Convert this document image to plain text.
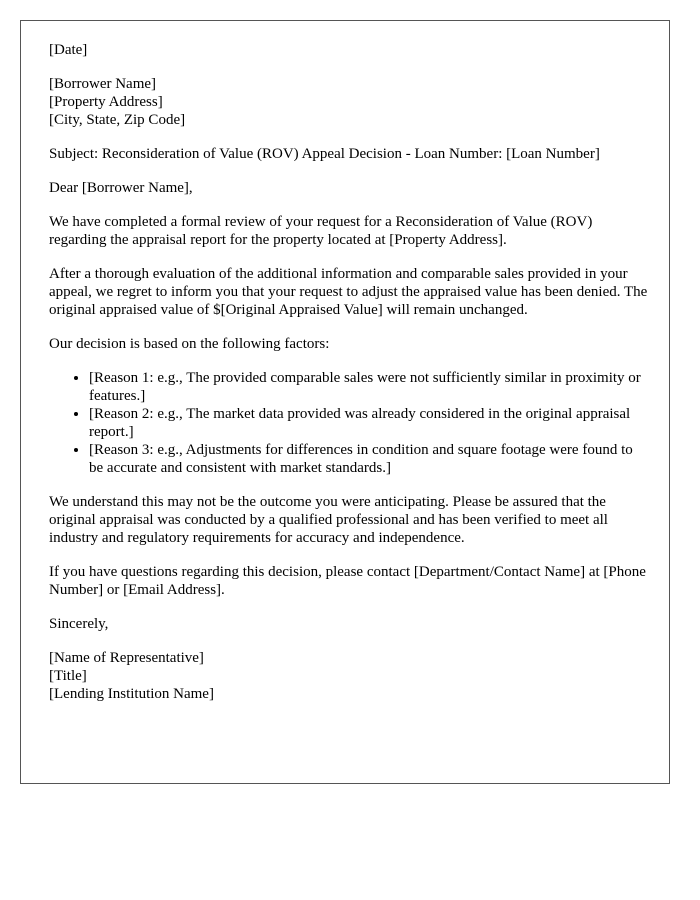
[Date]

[Borrower Name]
[Property Address]
[City, State, Zip Code]

Subject: Reconsideration of Value (ROV) Appeal Decision - Loan Number: [Loan Number]

Dear [Borrower Name],

We have completed a formal review of your request for a Reconsideration of Value (ROV) regarding the appraisal report for the property located at [Property Address].

After a thorough evaluation of the additional information and comparable sales provided in your appeal, we regret to inform you that your request to adjust the appraised value has been denied. The original appraised value of $[Original Appraised Value] will remain unchanged.

Our decision is based on the following factors:

• [Reason 1: e.g., The provided comparable sales were not sufficiently similar in proximity or features.]
• [Reason 2: e.g., The market data provided was already considered in the original appraisal report.]
• [Reason 3: e.g., Adjustments for differences in condition and square footage were found to be accurate and consistent with market standards.]

We understand this may not be the outcome you were anticipating. Please be assured that the original appraisal was conducted by a qualified professional and has been verified to meet all industry and regulatory requirements for accuracy and independence.

If you have questions regarding this decision, please contact [Department/Contact Name] at [Phone Number] or [Email Address].

Sincerely,

[Name of Representative]
[Title]
[Lending Institution Name]
